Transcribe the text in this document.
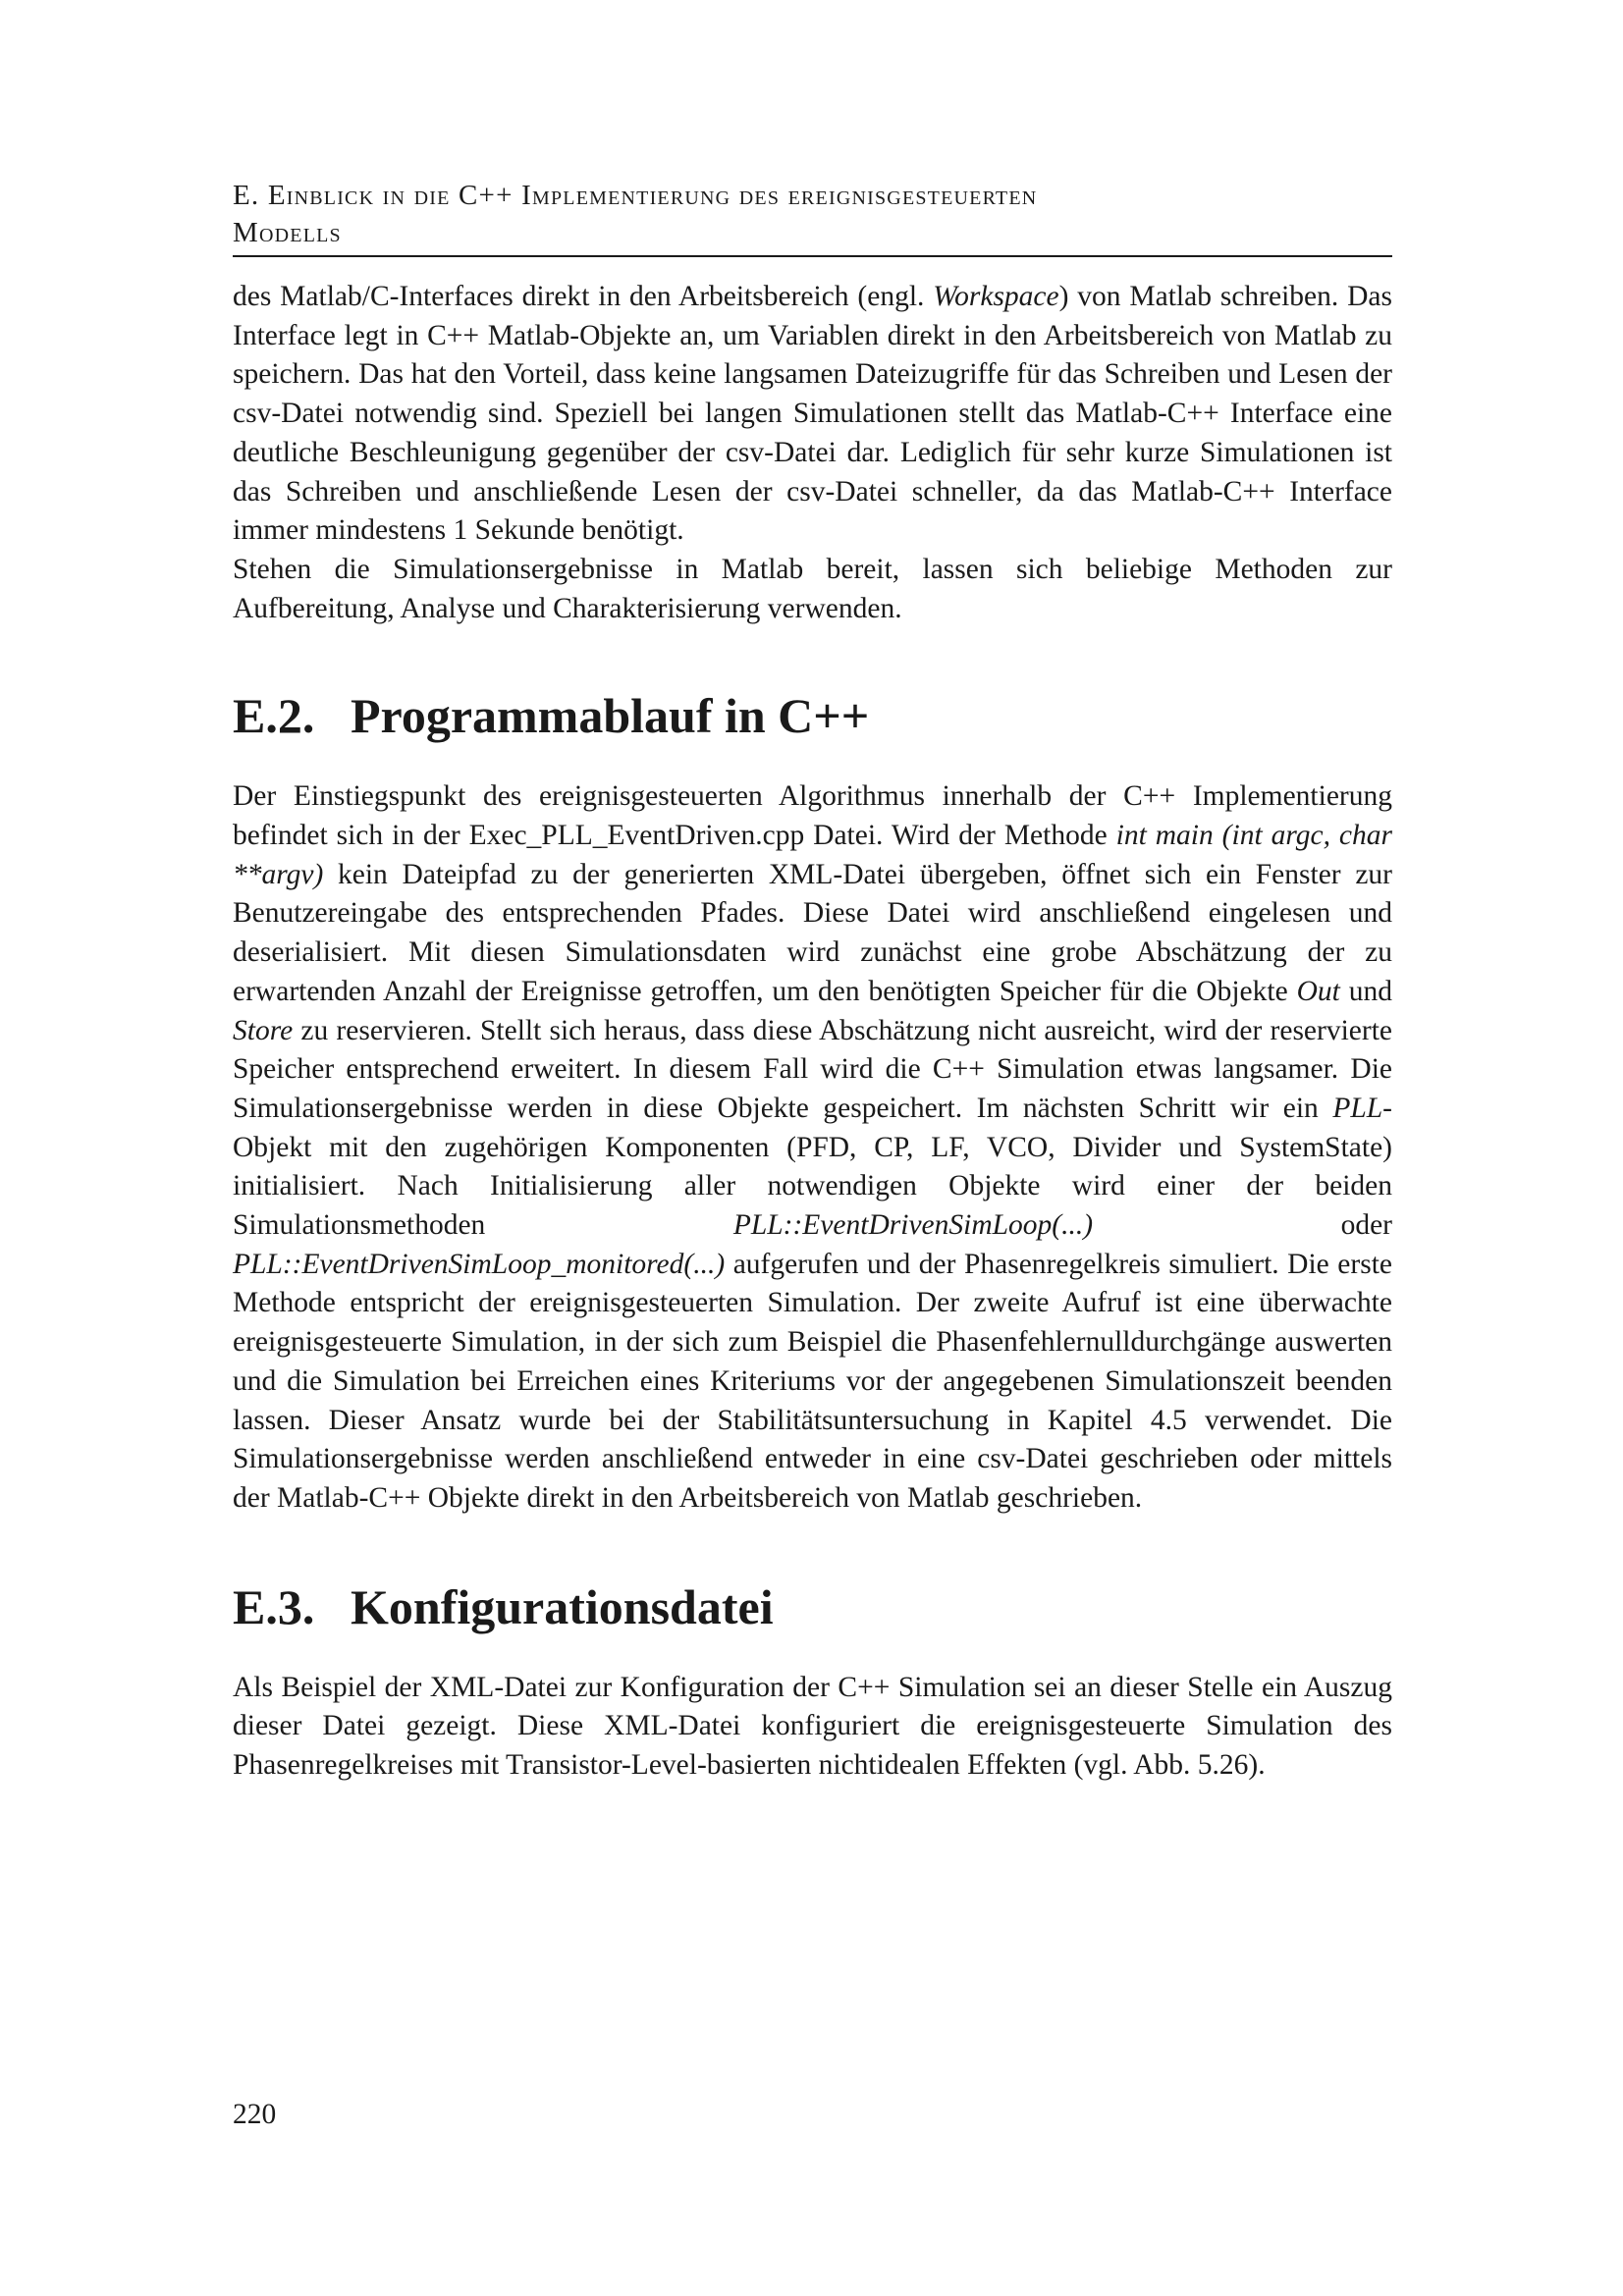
E. Einblick in die C++ Implementierung des ereignisgesteuerten
Modells

des Matlab/C-Interfaces direkt in den Arbeitsbereich (engl. Workspace) von Matlab schreiben. Das Interface legt in C++ Matlab-Objekte an, um Variablen direkt in den Arbeitsbereich von Matlab zu speichern. Das hat den Vorteil, dass keine langsamen Dateizugriffe für das Schreiben und Lesen der csv-Datei notwendig sind. Speziell bei langen Simulationen stellt das Matlab-C++ Interface eine deutliche Beschleunigung gegenüber der csv-Datei dar. Lediglich für sehr kurze Simulationen ist das Schreiben und anschließende Lesen der csv-Datei schneller, da das Matlab-C++ Interface immer mindestens 1 Sekunde benötigt.

Stehen die Simulationsergebnisse in Matlab bereit, lassen sich beliebige Methoden zur Aufbereitung, Analyse und Charakterisierung verwenden.

E.2. Programmablauf in C++

Der Einstiegspunkt des ereignisgesteuerten Algorithmus innerhalb der C++ Implementierung befindet sich in der Exec_PLL_EventDriven.cpp Datei. Wird der Methode int main (int argc, char **argv) kein Dateipfad zu der generierten XML-Datei übergeben, öffnet sich ein Fenster zur Benutzereingabe des entsprechenden Pfades. Diese Datei wird anschließend eingelesen und deserialisiert. Mit diesen Simulationsdaten wird zunächst eine grobe Abschätzung der zu erwartenden Anzahl der Ereignisse getroffen, um den benötigten Speicher für die Objekte Out und Store zu reservieren. Stellt sich heraus, dass diese Abschätzung nicht ausreicht, wird der reservierte Speicher entsprechend erweitert. In diesem Fall wird die C++ Simulation etwas langsamer. Die Simulationsergebnisse werden in diese Objekte gespeichert. Im nächsten Schritt wir ein PLL-Objekt mit den zugehörigen Komponenten (PFD, CP, LF, VCO, Divider und SystemState) initialisiert. Nach Initialisierung aller notwendigen Objekte wird einer der beiden Simulationsmethoden PLL::EventDrivenSimLoop(...) oder PLL::EventDrivenSimLoop_monitored(...) aufgerufen und der Phasenregelkreis simuliert. Die erste Methode entspricht der ereignisgesteuerten Simulation. Der zweite Aufruf ist eine überwachte ereignisgesteuerte Simulation, in der sich zum Beispiel die Phasenfehlernulldurchgänge auswerten und die Simulation bei Erreichen eines Kriteriums vor der angegebenen Simulationszeit beenden lassen. Dieser Ansatz wurde bei der Stabilitätsuntersuchung in Kapitel 4.5 verwendet. Die Simulationsergebnisse werden anschließend entweder in eine csv-Datei geschrieben oder mittels der Matlab-C++ Objekte direkt in den Arbeitsbereich von Matlab geschrieben.

E.3. Konfigurationsdatei

Als Beispiel der XML-Datei zur Konfiguration der C++ Simulation sei an dieser Stelle ein Auszug dieser Datei gezeigt. Diese XML-Datei konfiguriert die ereignisgesteuerte Simulation des Phasenregelkreises mit Transistor-Level-basierten nichtidealen Effekten (vgl. Abb. 5.26).

220
